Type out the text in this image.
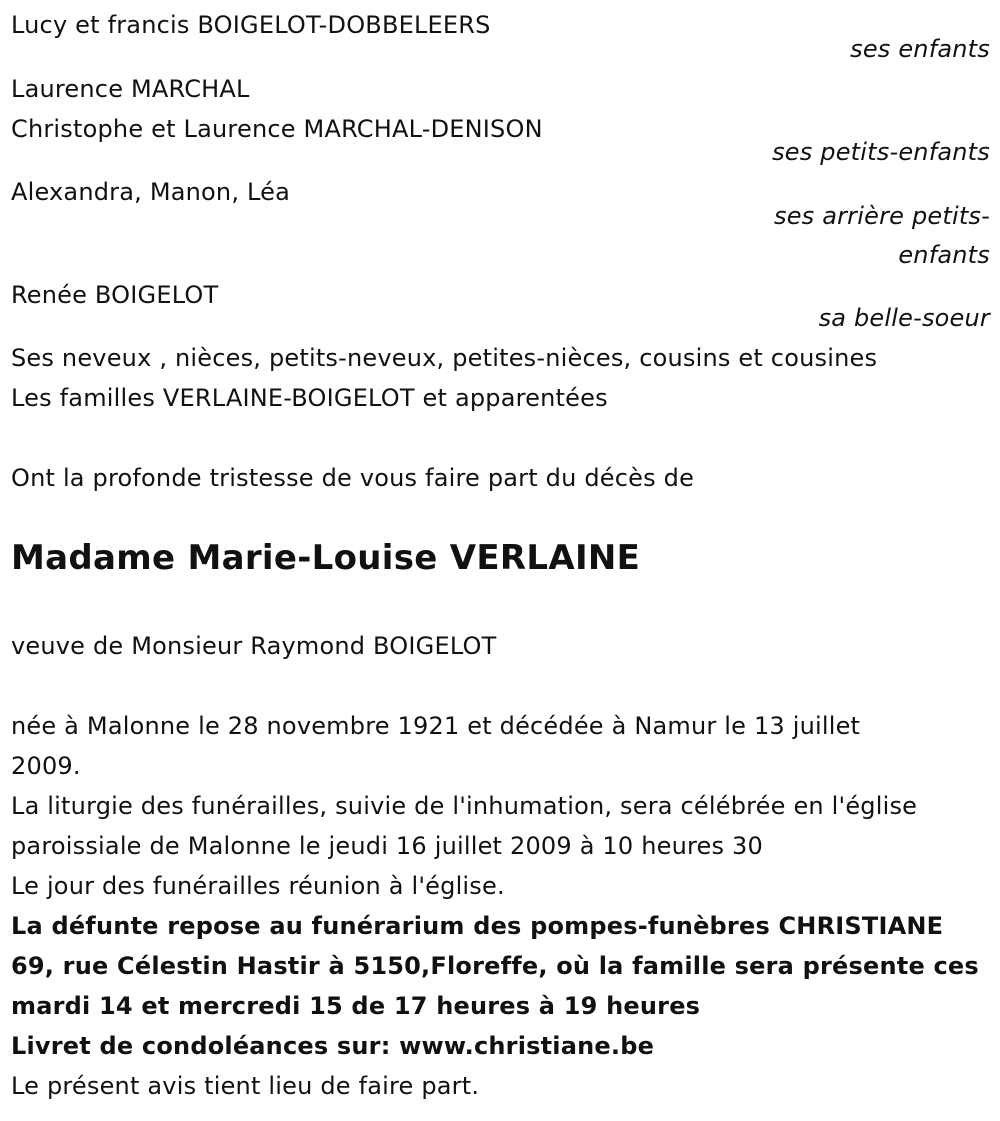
Lucy et francis BOIGELOT-DOBBELEERS
ses enfants
Laurence MARCHAL
Christophe et Laurence MARCHAL-DENISON
ses petits-enfants
Alexandra, Manon, Léa
ses arrière petits-
enfants
Renée BOIGELOT
sa belle-soeur
Ses neveux , nièces, petits-neveux, petites-nièces, cousins et cousines
Les familles VERLAINE-BOIGELOT et apparentées
Ont la profonde tristesse de vous faire part du décès de
Madame Marie-Louise VERLAINE
veuve de Monsieur Raymond BOIGELOT
née à Malonne le 28 novembre 1921 et décédée à Namur le 13 juillet
2009.
La liturgie des funérailles, suivie de l'inhumation, sera célébrée en l'église
paroissiale de Malonne le jeudi 16 juillet 2009 à 10 heures 30
Le jour des funérailles réunion à l'église.
La défunte repose au funérarium des pompes-funèbres CHRISTIANE
69, rue Célestin Hastir à 5150,Floreffe, où la famille sera présente ces
mardi 14 et mercredi 15 de 17 heures à 19 heures
Livret de condoléances sur: www.christiane.be
Le présent avis tient lieu de faire part.
